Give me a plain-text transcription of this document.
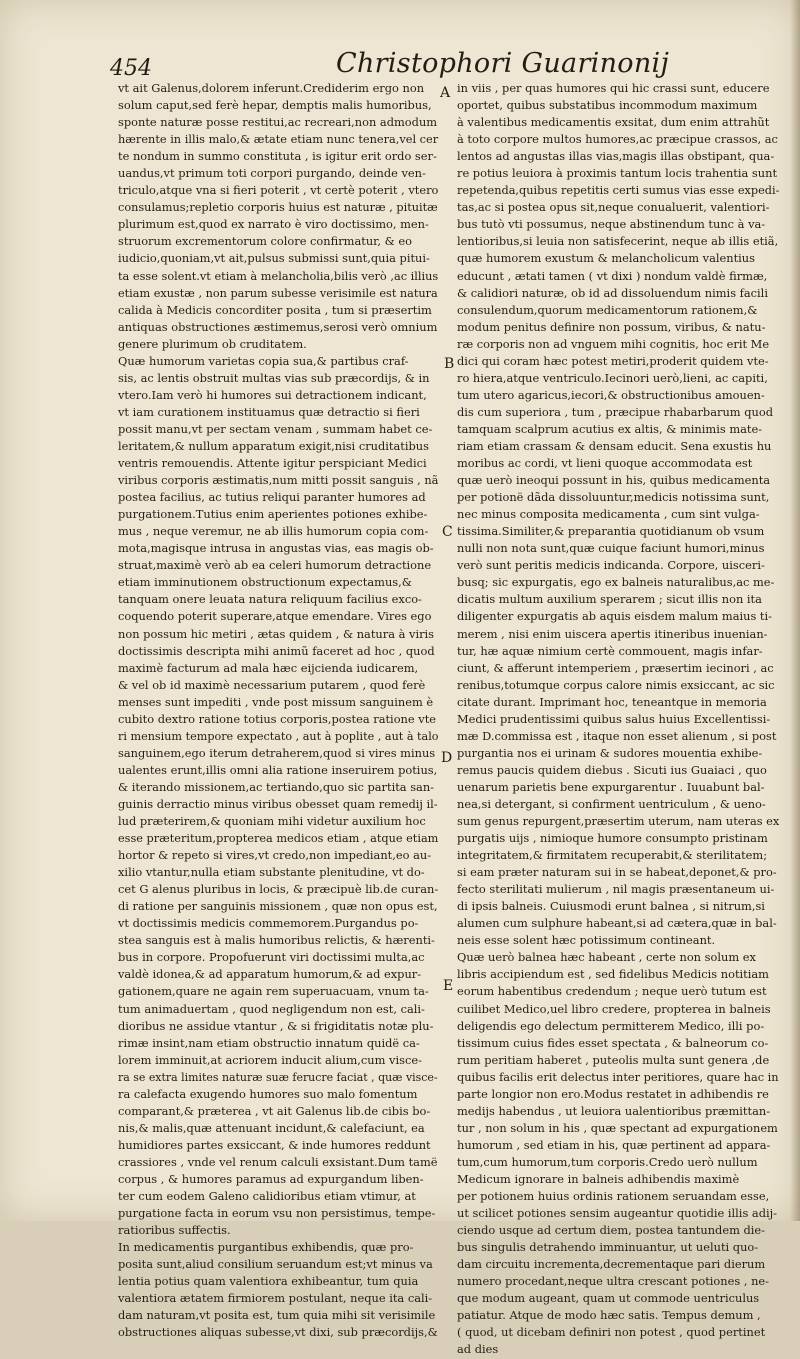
454	Christophori Guarinonij
A
B
C
D
E
vt ait Galenus,dolorem inferunt.Crediderim ergo non
solum caput,sed ferè hepar, demptis malis humoribus,
sponte naturæ posse restitui,ac recreari,non admodum
hærente in illis malo,& ætate etiam nunc tenera,vel cer
te nondum in summo constituta , is igitur erit ordo ser-
uandus,vt primum toti corpori purgando, deinde ven-
triculo,atque vna si fieri poterit , vt certè poterit , vtero
consulamus;repletio corporis huius est naturæ , pituitæ
plurimum est,quod ex narrato è viro doctissimo, men-
struorum excrementorum colore confirmatur, & eo
iudicio,quoniam,vt ait,pulsus submissi sunt,quia pitui-
ta esse solent.vt etiam à melancholia,bilis verò ,ac illius
etiam exustæ , non parum subesse verisimile est natura
calida à Medicis concorditer posita , tum si præsertim
antiquas obstructiones æstimemus,serosi verò omnium
genere plurimum ob cruditatem.
Quæ humorum varietas copia sua,& partibus craf-
sis, ac lentis obstruit multas vias sub præcordijs, & in
vtero.Iam verò hi humores sui detractionem indicant,
vt iam curationem instituamus quæ detractio si fieri
possit manu,vt per sectam venam , summam habet ce-
leritatem,& nullum apparatum exigit,nisi cruditatibus
ventris remouendis. Attente igitur perspiciant Medici
viribus corporis æstimatis,num mitti possit sanguis , nã
postea facilius, ac tutius reliqui paranter humores ad
purgationem.Tutius enim aperientes potiones exhibe-
mus , neque veremur, ne ab illis humorum copia com-
mota,magisque intrusa in angustas vias, eas magis ob-
struat,maximè verò ab ea celeri humorum detractione
etiam imminutionem obstructionum expectamus,&
tanquam onere leuata natura reliquum facilius exco-
coquendo poterit superare,atque emendare. Vires ego
non possum hic metiri , ætas quidem , & natura à viris
doctissimis descripta mihi animũ faceret ad hoc , quod
maximè facturum ad mala hæc eijcienda iudicarem,
& vel ob id maximè necessarium putarem , quod ferè
menses sunt impediti , vnde post missum sanguinem è
cubito dextro ratione totius corporis,postea ratione vte
ri mensium tempore expectato , aut à poplite , aut à talo
sanguinem,ego iterum detraherem,quod si vires minus
ualentes erunt,illis omni alia ratione inseruirem potius,
& iterando missionem,ac tertiando,quo sic partita san-
guinis derractio minus viribus obesset quam remedij il-
lud præterirem,& quoniam mihi videtur auxilium hoc
esse præteritum,propterea medicos etiam , atque etiam
hortor & repeto si vires,vt credo,non impediant,eo au-
xilio vtantur,nulla etiam substante plenitudine, vt do-
cet G alenus pluribus in locis, & præcipuè lib.de curan-
di ratione per sanguinis missionem , quæ non opus est,
vt doctissimis medicis commemorem.Purgandus po-
stea sanguis est à malis humoribus relictis, & hærenti-
bus in corpore. Propofuerunt viri doctissimi multa,ac
valdè idonea,& ad apparatum humorum,& ad expur-
gationem,quare ne again rem superuacuam, vnum ta-
tum animaduertam , quod negligendum non est, cali-
dioribus ne assidue vtantur , & si frigiditatis notæ plu-
rimæ insint,nam etiam obstructio innatum quidë ca-
lorem imminuit,at acriorem inducit alium,cum visce-
ra se extra limites naturæ suæ ferucre faciat , quæ visce-
ra calefacta exugendo humores suo malo fomentum
comparant,& præterea , vt ait Galenus lib.de cibis bo-
nis,& malis,quæ attenuant incidunt,& calefaciunt, ea
humidiores partes exsiccant, & inde humores reddunt
crassiores , vnde vel renum calculi exsistant.Dum tamë
corpus , & humores paramus ad expurgandum liben-
ter cum eodem Galeno calidioribus etiam vtimur, at
purgatione facta in eorum vsu non persistimus, tempe-
ratioribus suffectis.
In medicamentis purgantibus exhibendis, quæ pro-
posita sunt,aliud consilium seruandum est;vt minus va
lentia potius quam valentiora exhibeantur, tum quia
valentiora ætatem firmiorem postulant, neque ita cali-
dam naturam,vt posita est, tum quia mihi sit verisimile
obstructiones aliquas subesse,vt dixi, sub præcordijs,&
in viis , per quas humores qui hic crassi sunt, educere
oportet, quibus substatibus incommodum maximum
à valentibus medicamentis exsitat, dum enim attrahũt
à toto corpore multos humores,ac præcipue crassos, ac
lentos ad angustas illas vias,magis illas obstipant, qua-
re potius leuiora à proximis tantum locis trahentia sunt
repetenda,quibus repetitis certi sumus vias esse expedi-
tas,ac si postea opus sit,neque conualuerit, valentiori-
bus tutò vti possumus, neque abstinendum tunc à va-
lentioribus,si leuia non satisfecerint, neque ab illis etiã,
quæ humorem exustum & melancholicum valentius
educunt , ætati tamen ( vt dixi ) nondum valdè firmæ,
& calidiori naturæ, ob id ad dissoluendum nimis facili
consulendum,quorum medicamentorum rationem,&
modum penitus definire non possum, viribus, & natu-
ræ corporis non ad vnguem mihi cognitis, hoc erit Me
dici qui coram hæc potest metiri,proderit quidem vte-
ro hiera,atque ventriculo.Iecinori uerò,lieni, ac capiti,
tum utero agaricus,iecori,& obstructionibus amouen-
dis cum superiora , tum , præcipue rhabarbarum quod
tamquam scalprum acutius ex altis, & minimis mate-
riam etiam crassam & densam educit. Sena exustis hu
moribus ac cordi, vt lieni quoque accommodata est
quæ uerò ineoqui possunt in his, quibus medicamenta
per potionë dãda dissoluuntur,medicis notissima sunt,
nec minus composita medicamenta , cum sint vulga-
tissima.Similiter,& preparantia quotidianum ob vsum
nulli non nota sunt,quæ cuique faciunt humori,minus
verò sunt peritis medicis indicanda. Corpore, uisceri-
busq; sic expurgatis, ego ex balneis naturalibus,ac me-
dicatis multum auxilium sperarem ; sicut illis non ita
diligenter expurgatis ab aquis eisdem malum maius ti-
merem , nisi enim uiscera apertis itineribus inuenian-
tur, hæ aquæ nimium certè commouent, magis infar-
ciunt, & afferunt intemperiem , præsertim iecinori , ac
renibus,totumque corpus calore nimis exsiccant, ac sic
citate durant. Imprimant hoc, teneantque in memoria
Medici prudentissimi quibus salus huius Excellentissi-
mæ D.commissa est , itaque non esset alienum , si post
purgantia nos ei urinam & sudores mouentia exhibe-
remus paucis quidem diebus . Sicuti ius Guaiaci , quo
uenarum parietis bene expurgarentur . Iuuabunt bal-
nea,si detergant, si confirment uentriculum , & ueno-
sum genus repurgent,præsertim uterum, nam uteras ex
purgatis uijs , nimioque humore consumpto pristinam
integritatem,& firmitatem recuperabit,& sterilitatem;
si eam præter naturam sui in se habeat,deponet,& pro-
fecto sterilitati mulierum , nil magis præsentaneum ui-
di ipsis balneis. Cuiusmodi erunt balnea , si nitrum,si
alumen cum sulphure habeant,si ad cætera,quæ in bal-
neis esse solent hæc potissimum contineant.
Quæ uerò balnea hæc habeant , certe non solum ex
libris accipiendum est , sed fidelibus Medicis notitiam
eorum habentibus credendum ; neque uerò tutum est
cuilibet Medico,uel libro credere, propterea in balneis
deligendis ego delectum permitterem Medico, illi po-
tissimum cuius fides esset spectata , & balneorum co-
rum peritiam haberet , puteolis multa sunt genera ,de
quibus facilis erit delectus inter peritiores, quare hac in
parte longior non ero.Modus restatet in adhibendis re
medijs habendus , ut leuiora ualentioribus præmittan-
tur , non solum in his , quæ spectant ad expurgationem
humorum , sed etiam in his, quæ pertinent ad appara-
tum,cum humorum,tum corporis.Credo uerò nullum
Medicum ignorare in balneis adhibendis maximè
per potionem huius ordinis rationem seruandam esse,
ut scilicet potiones sensim augeantur quotidie illis adij-
ciendo usque ad certum diem, postea tantundem die-
bus singulis detrahendo imminuantur, ut ueluti quo-
dam circuitu incrementa,decrementaque pari dierum
numero procedant,neque ultra crescant potiones , ne-
que modum augeant, quam ut commode uentriculus
patiatur. Atque de modo hæc satis. Tempus demum ,
( quod, ut dicebam definiri non potest , quod pertinet
ad dies
